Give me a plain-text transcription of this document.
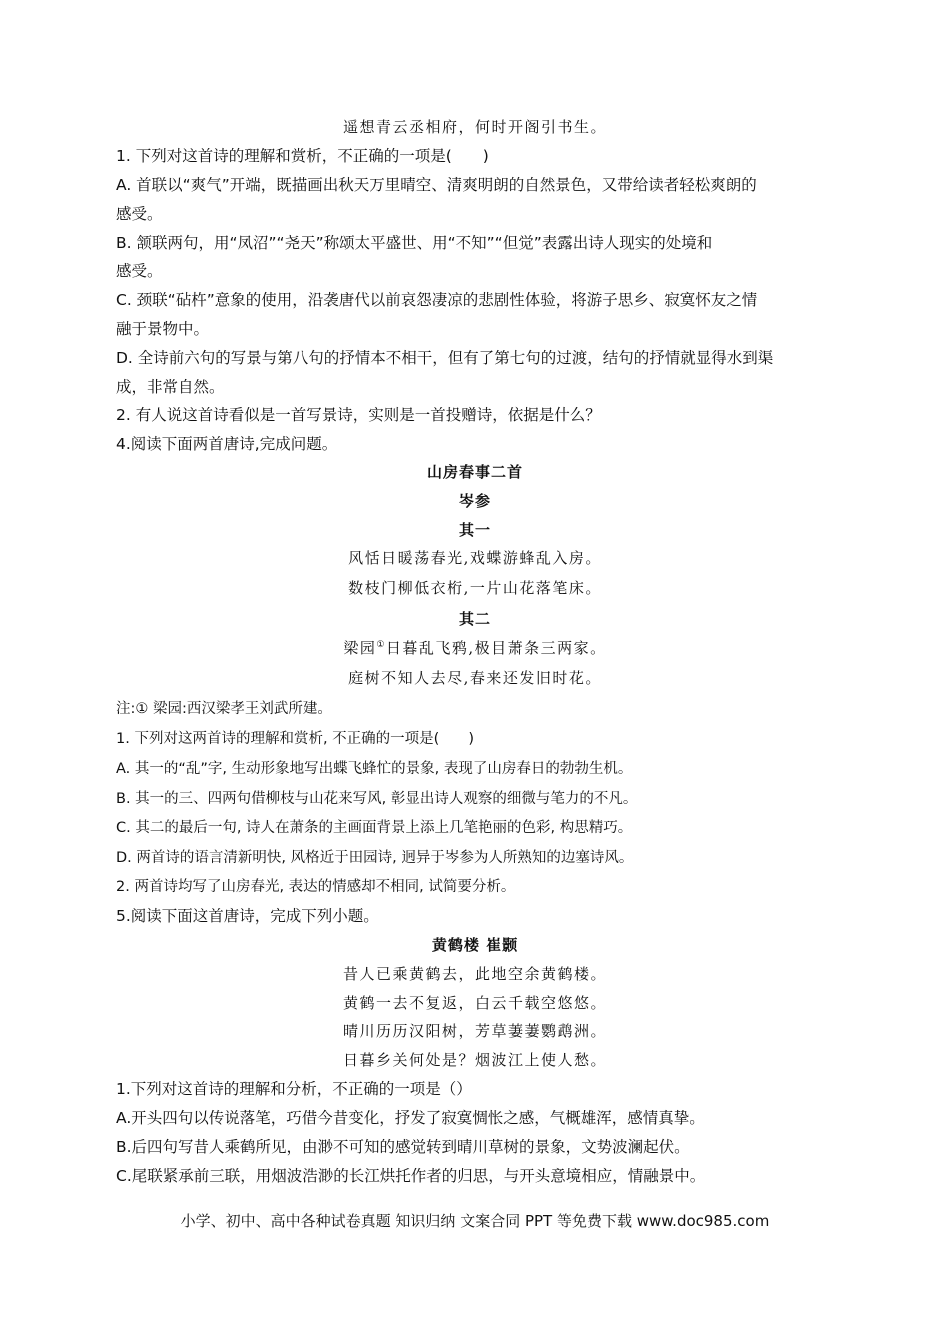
遥想青云丞相府，何时开阁引书生。
1. 下列对这首诗的理解和赏析，不正确的一项是(　　)
A. 首联以“爽气”开端，既描画出秋天万里晴空、清爽明朗的自然景色，又带给读者轻松爽朗的
感受。
B. 颔联两句，用“凤沼”“尧天”称颂太平盛世、用“不知”“但觉”表露出诗人现实的处境和
感受。
C. 颈联“砧杵”意象的使用，沿袭唐代以前哀怨凄凉的悲剧性体验，将游子思乡、寂寞怀友之情
融于景物中。
D. 全诗前六句的写景与第八句的抒情本不相干，但有了第七句的过渡，结句的抒情就显得水到渠
成，非常自然。
2. 有人说这首诗看似是一首写景诗，实则是一首投赠诗，依据是什么？
4.阅读下面两首唐诗,完成问题。
山房春事二首
岑参
其一
风恬日暖荡春光,戏蝶游蜂乱入房。
数枝门柳低衣桁,一片山花落笔床。
其二
梁园①日暮乱飞鸦,极目萧条三两家。
庭树不知人去尽,春来还发旧时花。
注:① 梁园:西汉梁孝王刘武所建。
1. 下列对这两首诗的理解和赏析, 不正确的一项是(　　)
A. 其一的“乱”字, 生动形象地写出蝶飞蜂忙的景象, 表现了山房春日的勃勃生机。
B. 其一的三、四两句借柳枝与山花来写风, 彰显出诗人观察的细微与笔力的不凡。
C. 其二的最后一句, 诗人在萧条的主画面背景上添上几笔艳丽的色彩, 构思精巧。
D. 两首诗的语言清新明快, 风格近于田园诗, 迥异于岑参为人所熟知的边塞诗风。
2. 两首诗均写了山房春光, 表达的情感却不相同, 试简要分析。
5.阅读下面这首唐诗，完成下列小题。
黄鹤楼 崔颢
昔人已乘黄鹤去，此地空余黄鹤楼。
黄鹤一去不复返，白云千载空悠悠。
晴川历历汉阳树，芳草萋萋鹦鹉洲。
日暮乡关何处是？烟波江上使人愁。
1.下列对这首诗的理解和分析，不正确的一项是（）
A.开头四句以传说落笔，巧借今昔变化，抒发了寂寞惆怅之感，气概雄浑，感情真挚。
B.后四句写昔人乘鹤所见，由渺不可知的感觉转到晴川草树的景象，文势波澜起伏。
C.尾联紧承前三联，用烟波浩渺的长江烘托作者的归思，与开头意境相应，情融景中。
小学、初中、高中各种试卷真题 知识归纳 文案合同 PPT 等免费下载 www.doc985.com
